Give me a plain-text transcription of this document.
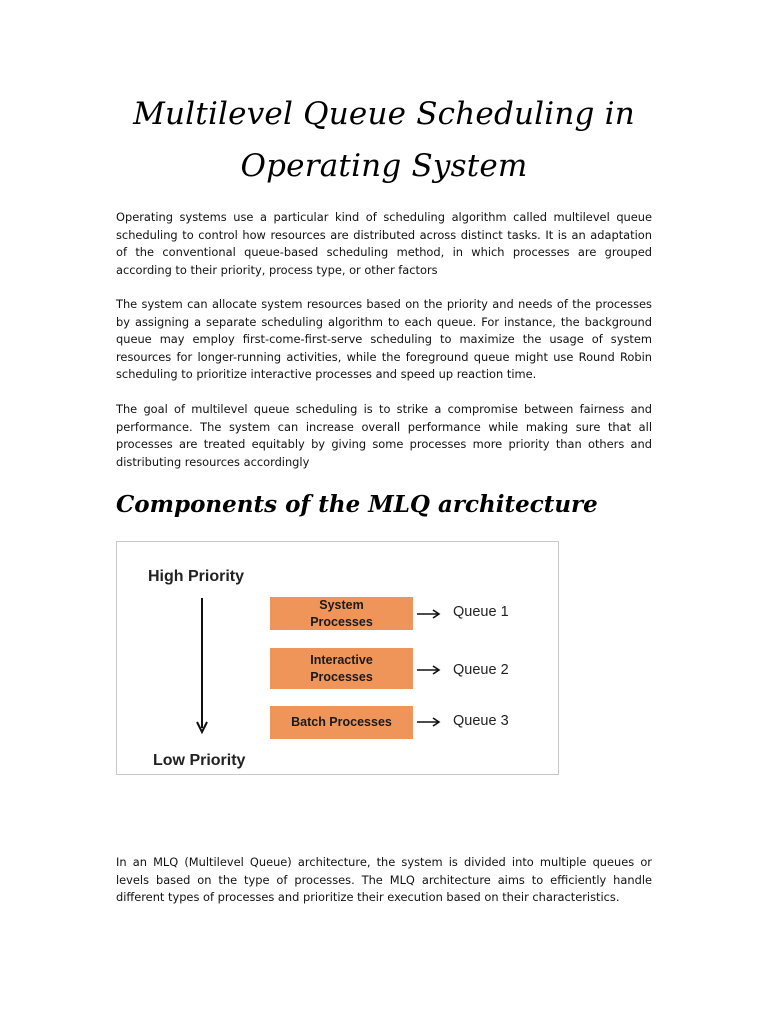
Multilevel Queue Scheduling in
Operating System

Operating systems use a particular kind of scheduling algorithm called multilevel queue scheduling to control how resources are distributed across distinct tasks. It is an adaptation of the conventional queue-based scheduling method, in which processes are grouped according to their priority, process type, or other factors

The system can allocate system resources based on the priority and needs of the processes by assigning a separate scheduling algorithm to each queue. For instance, the background queue may employ first-come-first-serve scheduling to maximize the usage of system resources for longer-running activities, while the foreground queue might use Round Robin scheduling to prioritize interactive processes and speed up reaction time.

The goal of multilevel queue scheduling is to strike a compromise between fairness and performance. The system can increase overall performance while making sure that all processes are treated equitably by giving some processes more priority than others and distributing resources accordingly

Components of the MLQ architecture
High Priority
System Processes
Interactive Processes
Batch Processes
Queue 1
Queue 2
Queue 3
Low Priority

In an MLQ (Multilevel Queue) architecture, the system is divided into multiple queues or levels based on the type of processes. The MLQ architecture aims to efficiently handle different types of processes and prioritize their execution based on their characteristics.
